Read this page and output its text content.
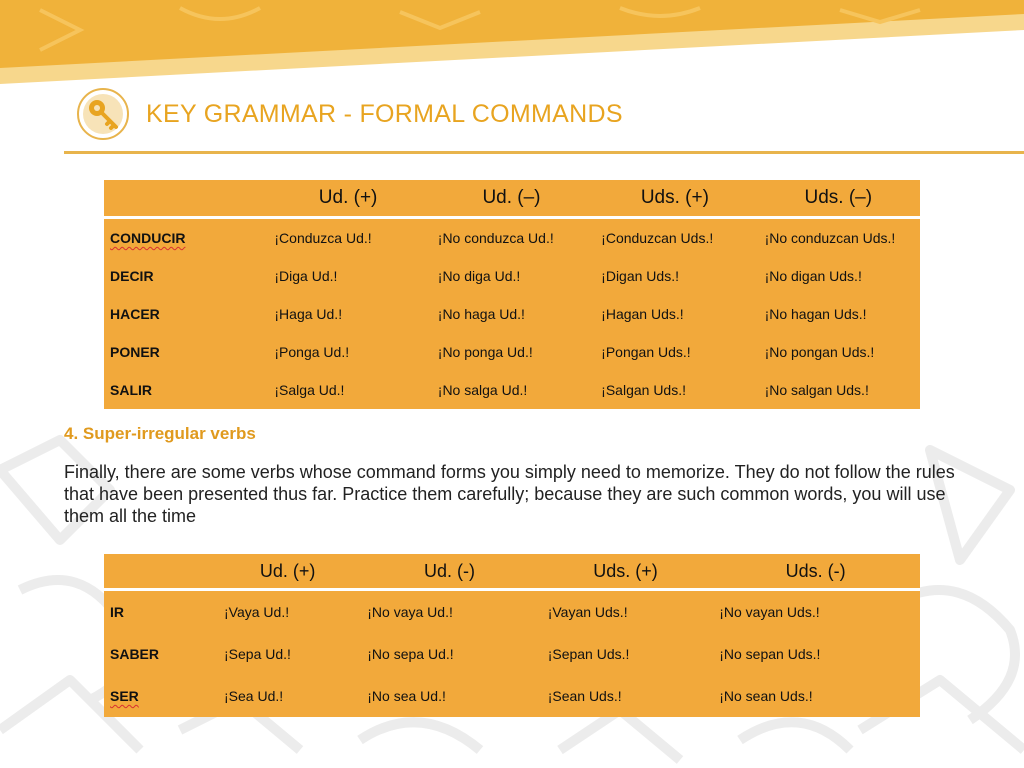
KEY GRAMMAR - FORMAL COMMANDS
	Ud. (+)	Ud. (–)	Uds. (+)	Uds. (–)
CONDUCIR	¡Conduzca Ud.!	¡No conduzca Ud.!	¡Conduzcan Uds.!	¡No conduzcan Uds.!
DECIR	¡Diga Ud.!	¡No diga Ud.!	¡Digan Uds.!	¡No digan Uds.!
HACER	¡Haga Ud.!	¡No haga Ud.!	¡Hagan Uds.!	¡No hagan Uds.!
PONER	¡Ponga Ud.!	¡No ponga Ud.!	¡Pongan Uds.!	¡No pongan Uds.!
SALIR	¡Salga Ud.!	¡No salga Ud.!	¡Salgan Uds.!	¡No salgan Uds.!
4. Super-irregular verbs
Finally, there are some verbs whose command forms you simply need to memorize. They do not follow the rules that have been presented thus far. Practice them carefully; because they are such common words, you will use them all the time
	Ud. (+)	Ud. (-)	Uds. (+)	Uds. (-)
IR	¡Vaya Ud.!	¡No vaya Ud.!	¡Vayan Uds.!	¡No vayan Uds.!
SABER	¡Sepa Ud.!	¡No sepa Ud.!	¡Sepan Uds.!	¡No sepan Uds.!
SER	¡Sea Ud.!	¡No sea Ud.!	¡Sean Uds.!	¡No sean Uds.!
